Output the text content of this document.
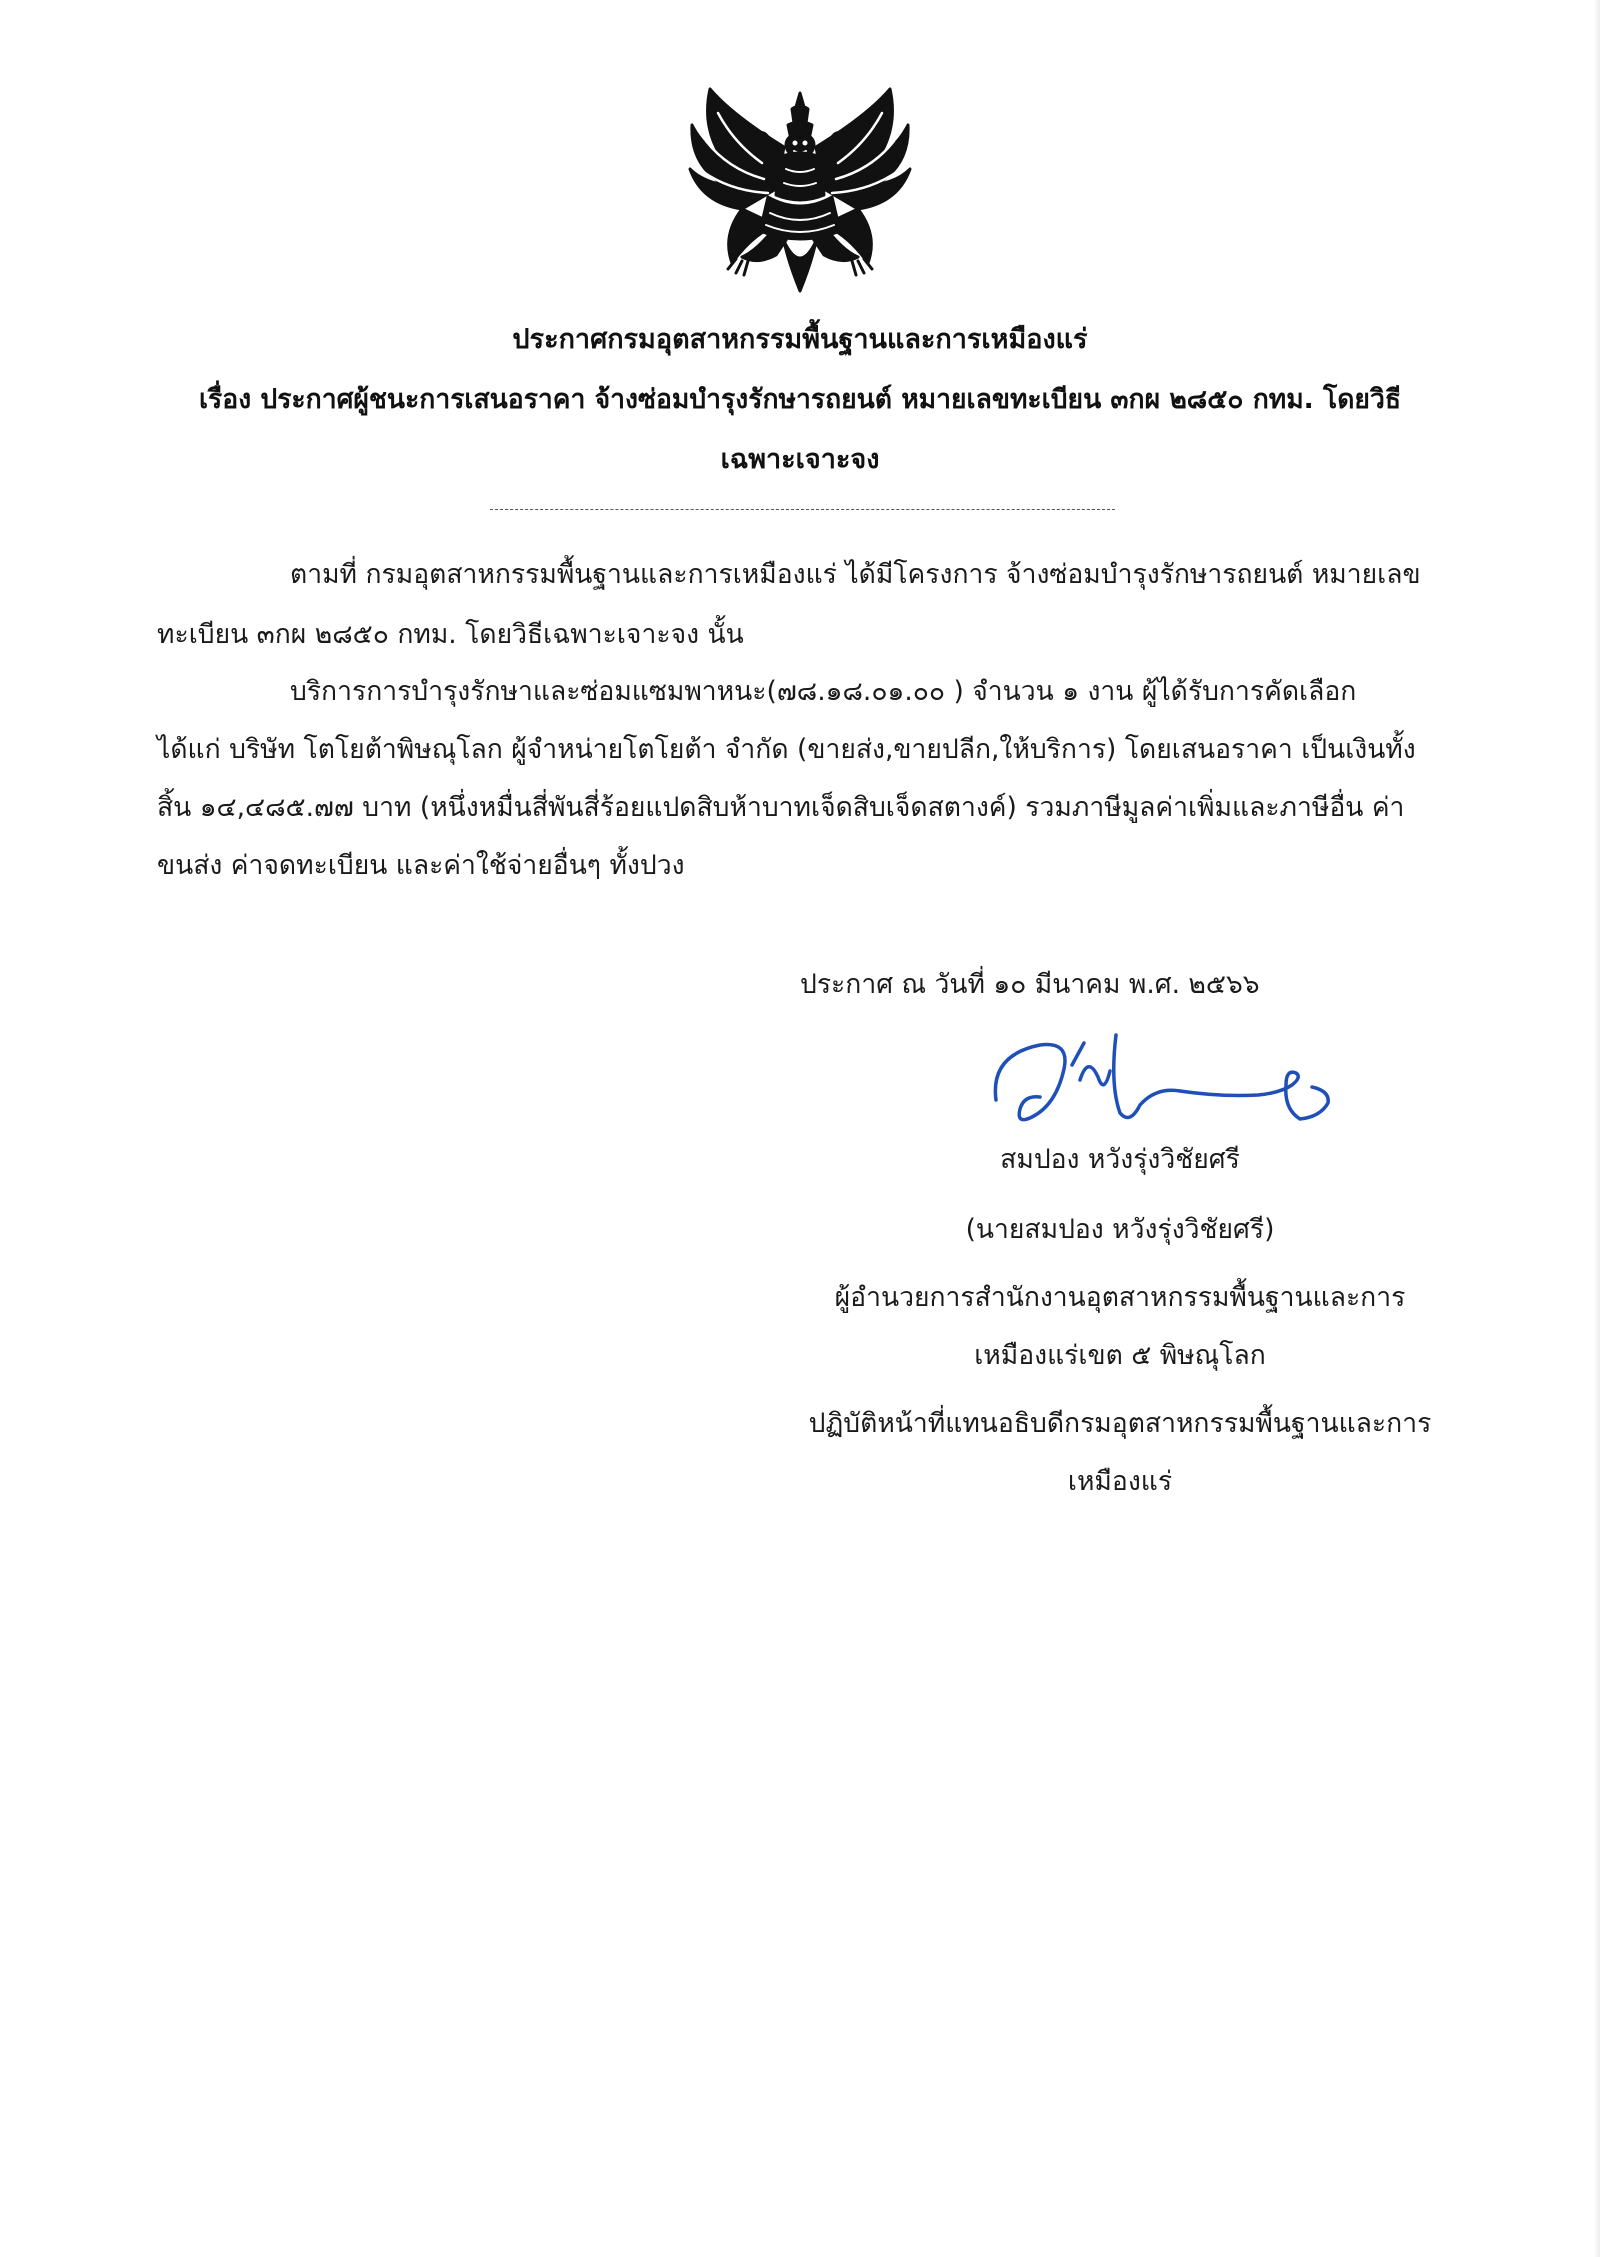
ประกาศกรมอุตสาหกรรมพื้นฐานและการเหมืองแร่
เรื่อง ประกาศผู้ชนะการเสนอราคา จ้างซ่อมบำรุงรักษารถยนต์ หมายเลขทะเบียน ๓กผ ๒๘๕๐ กทม. โดยวิธี
เฉพาะเจาะจง
ตามที่ กรมอุตสาหกรรมพื้นฐานและการเหมืองแร่ ได้มีโครงการ จ้างซ่อมบำรุงรักษารถยนต์ หมายเลข
ทะเบียน ๓กผ ๒๘๕๐ กทม. โดยวิธีเฉพาะเจาะจง นั้น
บริการการบำรุงรักษาและซ่อมแซมพาหนะ(๗๘.๑๘.๐๑.๐๐ ) จำนวน ๑ งาน ผู้ได้รับการคัดเลือก
ได้แก่ บริษัท โตโยต้าพิษณุโลก ผู้จำหน่ายโตโยต้า จำกัด (ขายส่ง,ขายปลีก,ให้บริการ) โดยเสนอราคา เป็นเงินทั้ง
สิ้น ๑๔,๔๘๕.๗๗ บาท (หนึ่งหมื่นสี่พันสี่ร้อยแปดสิบห้าบาทเจ็ดสิบเจ็ดสตางค์) รวมภาษีมูลค่าเพิ่มและภาษีอื่น ค่า
ขนส่ง ค่าจดทะเบียน และค่าใช้จ่ายอื่นๆ ทั้งปวง
ประกาศ ณ วันที่ ๑๐ มีนาคม พ.ศ. ๒๕๖๖
สมปอง หวังรุ่งวิชัยศรี
(นายสมปอง หวังรุ่งวิชัยศรี)
ผู้อำนวยการสำนักงานอุตสาหกรรมพื้นฐานและการ
เหมืองแร่เขต ๕ พิษณุโลก
ปฏิบัติหน้าที่แทนอธิบดีกรมอุตสาหกรรมพื้นฐานและการ
เหมืองแร่
